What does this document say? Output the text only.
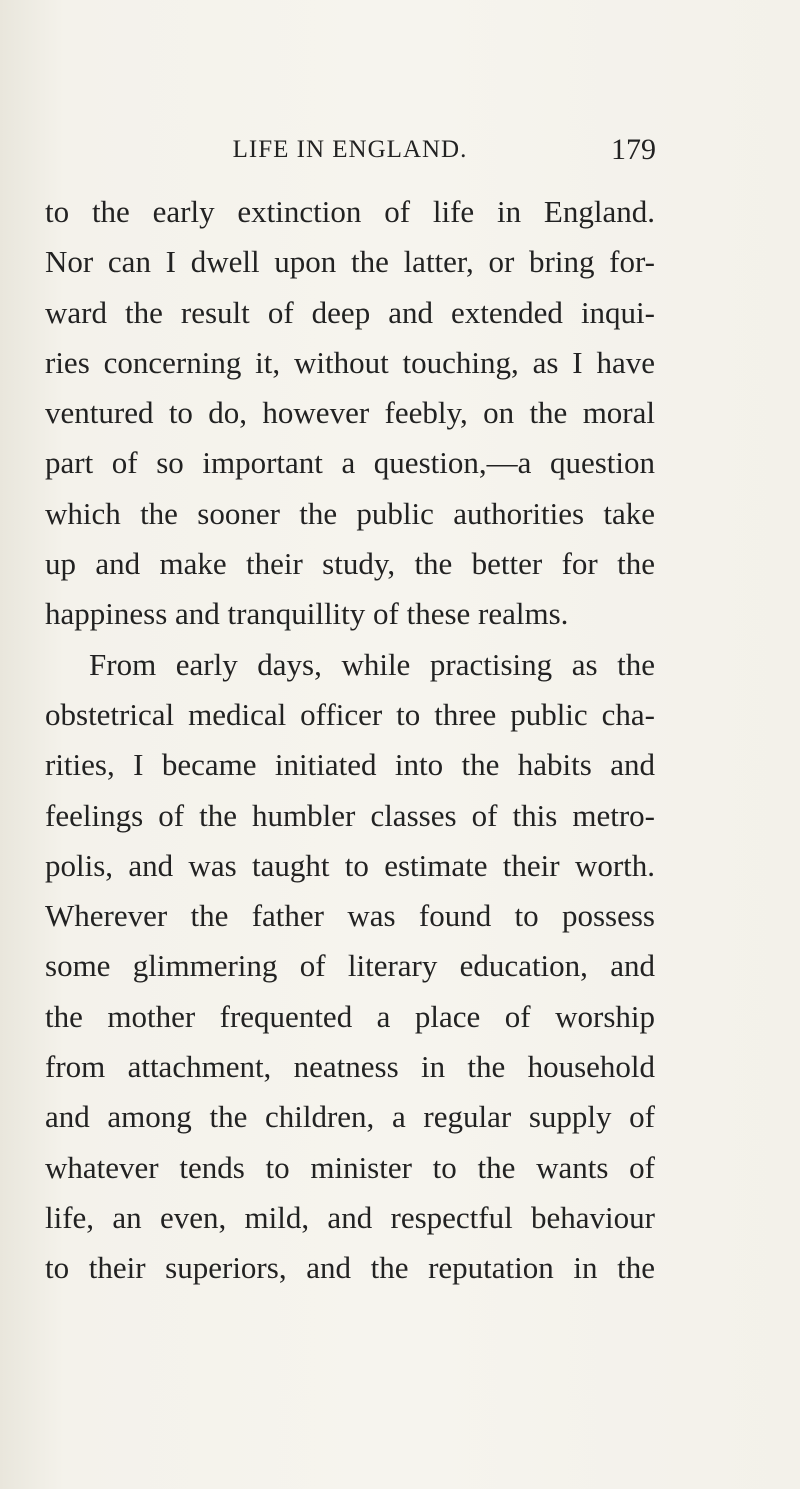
LIFE IN ENGLAND.	179
to the early extinction of life in England.
Nor can I dwell upon the latter, or bring for-
ward the result of deep and extended inqui-
ries concerning it, without touching, as I have
ventured to do, however feebly, on the moral
part of so important a question,—a question
which the sooner the public authorities take
up and make their study, the better for the
happiness and tranquillity of these realms.
From early days, while practising as the
obstetrical medical officer to three public cha-
rities, I became initiated into the habits and
feelings of the humbler classes of this metro-
polis, and was taught to estimate their worth.
Wherever the father was found to possess
some glimmering of literary education, and
the mother frequented a place of worship
from attachment, neatness in the household
and among the children, a regular supply of
whatever tends to minister to the wants of
life, an even, mild, and respectful behaviour
to their superiors, and the reputation in the
